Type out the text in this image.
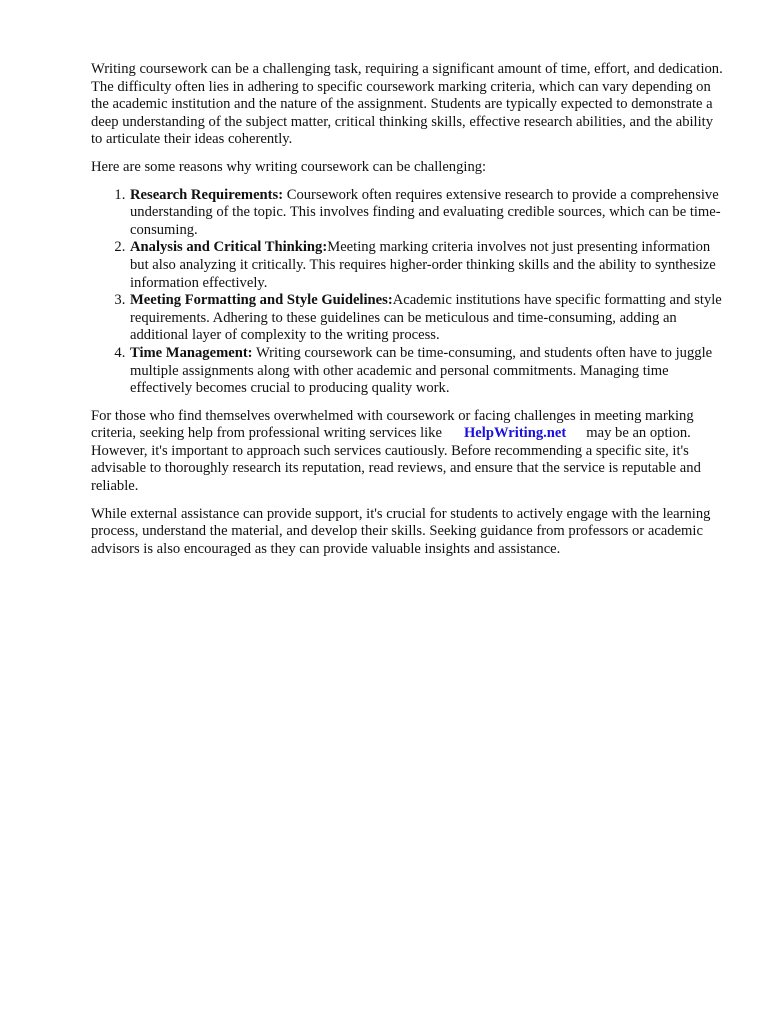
Writing coursework can be a challenging task, requiring a significant amount of time, effort, and dedication. The difficulty often lies in adhering to specific coursework marking criteria, which can vary depending on the academic institution and the nature of the assignment. Students are typically expected to demonstrate a deep understanding of the subject matter, critical thinking skills, effective research abilities, and the ability to articulate their ideas coherently.

Here are some reasons why writing coursework can be challenging:

1. Research Requirements: Coursework often requires extensive research to provide a comprehensive understanding of the topic. This involves finding and evaluating credible sources, which can be time-consuming.
2. Analysis and Critical Thinking:Meeting marking criteria involves not just presenting information but also analyzing it critically. This requires higher-order thinking skills and the ability to synthesize information effectively.
3. Meeting Formatting and Style Guidelines:Academic institutions have specific formatting and style requirements. Adhering to these guidelines can be meticulous and time-consuming, adding an additional layer of complexity to the writing process.
4. Time Management: Writing coursework can be time-consuming, and students often have to juggle multiple assignments along with other academic and personal commitments. Managing time effectively becomes crucial to producing quality work.

For those who find themselves overwhelmed with coursework or facing challenges in meeting marking criteria, seeking help from professional writing services like HelpWriting.net may be an option. However, it's important to approach such services cautiously. Before recommending a specific site, it's advisable to thoroughly research its reputation, read reviews, and ensure that the service is reputable and reliable.

While external assistance can provide support, it's crucial for students to actively engage with the learning process, understand the material, and develop their skills. Seeking guidance from professors or academic advisors is also encouraged as they can provide valuable insights and assistance.
